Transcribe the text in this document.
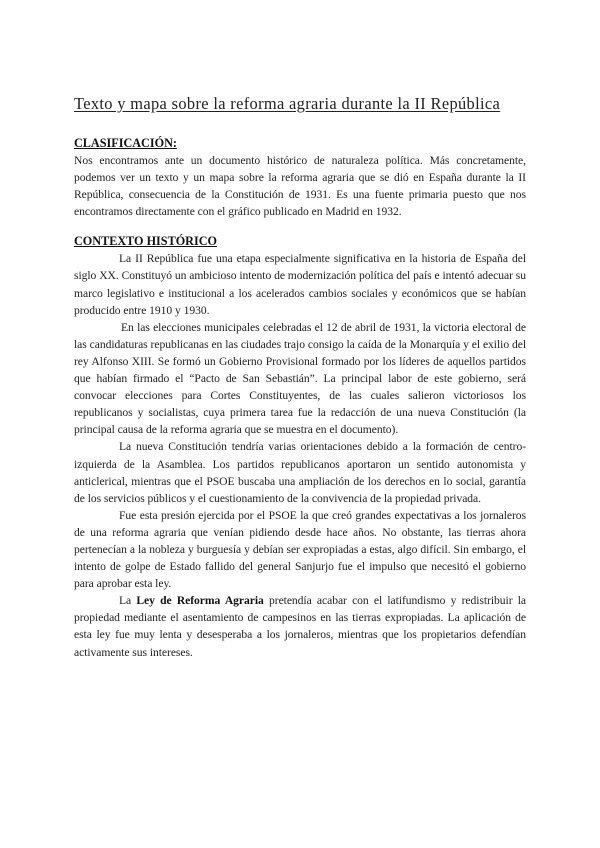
Texto y mapa sobre la reforma agraria durante la II República
CLASIFICACIÓN:

Nos encontramos ante un documento histórico de naturaleza política. Más concretamente, podemos ver un texto y un mapa sobre la reforma agraria que se dió en España durante la II República, consecuencia de la Constitución de 1931. Es una fuente primaria puesto que nos encontramos directamente con el gráfico publicado en Madrid en 1932.

CONTEXTO HISTÓRICO

La II República fue una etapa especialmente significativa en la historia de España del siglo XX. Constituyó un ambicioso intento de modernización política del país e intentó adecuar su marco legislativo e institucional a los acelerados cambios sociales y económicos que se habían producido entre 1910 y 1930.

En las elecciones municipales celebradas el 12 de abril de 1931, la victoria electoral de las candidaturas republicanas en las ciudades trajo consigo la caída de la Monarquía y el exilio del rey Alfonso XIII. Se formó un Gobierno Provisional formado por los líderes de aquellos partidos que habían firmado el “Pacto de San Sebastián”. La principal labor de este gobierno, será convocar elecciones para Cortes Constituyentes, de las cuales salieron victoriosos los republicanos y socialistas, cuya primera tarea fue la redacción de una nueva Constitución (la principal causa de la reforma agraria que se muestra en el documento).

La nueva Constitución tendría varias orientaciones debido a la formación de centro-izquierda de la Asamblea. Los partidos republicanos aportaron un sentido autonomista y anticlerical, mientras que el PSOE buscaba una ampliación de los derechos en lo social, garantía de los servicios públicos y el cuestionamiento de la convivencia de la propiedad privada.

Fue esta presión ejercida por el PSOE la que creó grandes expectativas a los jornaleros de una reforma agraria que venían pidiendo desde hace años. No obstante, las tierras ahora pertenecían a la nobleza y burguesía y debían ser expropiadas a estas, algo difícil. Sin embargo, el intento de golpe de Estado fallido del general Sanjurjo fue el impulso que necesitó el gobierno para aprobar esta ley.

La Ley de Reforma Agraria pretendía acabar con el latifundismo y redistribuir la propiedad mediante el asentamiento de campesinos en las tierras expropiadas. La aplicación de esta ley fue muy lenta y desesperaba a los jornaleros, mientras que los propietarios defendían activamente sus intereses.
